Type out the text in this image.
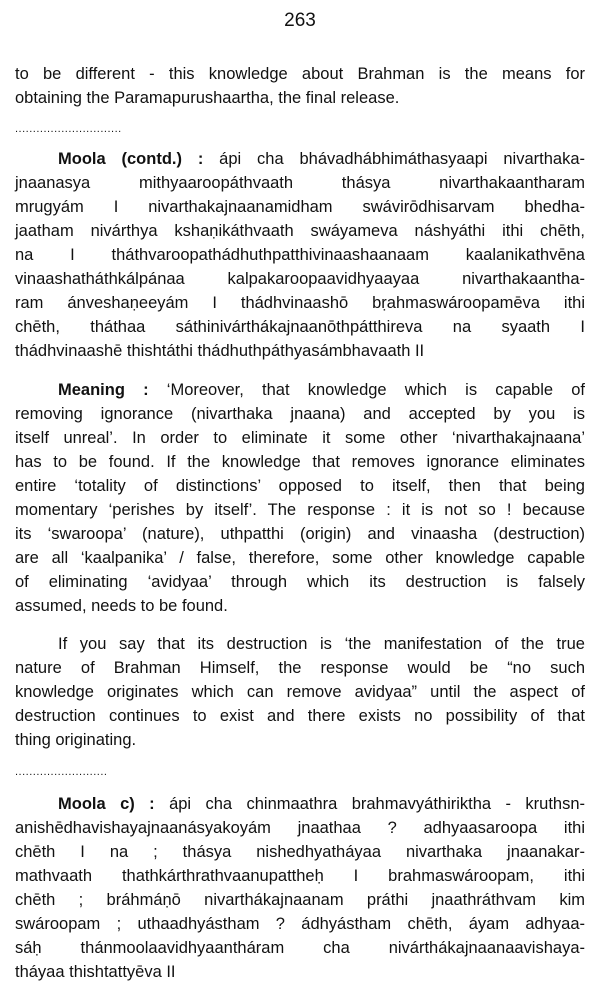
263
to be different - this knowledge about Brahman is the means for
obtaining the Paramapurushaartha, the final release.
..............................
Moola (contd.) : ápi cha bhávadhábhimáthasyaapi nivarthaka-
jnaanasya mithyaaroopáthvaath thásya nivarthakaantharam
mrugyám I nivarthakajnaanamidham swávirōdhisarvam bhedha-
jaatham nivárthya kshaṇikáthvaath swáyameva náshyáthi ithi chēth,
na I tháthvaroopathádhuthpatthivinaashaanaam kaalanikathvēna
vinaashatháthkálpánaa kalpakaroopaavidhyaayaa nivarthakaantha-
ram ánveshaṇeeyám I thádhvinaashō bṛahmaswároopamēva ithi
chēth, tháthaa sáthinivárthákajnaanōthpátthireva na syaath I
thádhvinaashē thishtáthi thádhuthpáthyasámbhavaath II
Meaning : ‘Moreover, that knowledge which is capable of
removing ignorance (nivarthaka jnaana) and accepted by you is
itself unreal’. In order to eliminate it some other ‘nivarthakajnaana’
has to be found. If the knowledge that removes ignorance eliminates
entire ‘totality of distinctions’ opposed to itself, then that being
momentary ‘perishes by itself’. The response : it is not so ! because
its ‘swaroopa’ (nature), uthpatthi (origin) and vinaasha (destruction)
are all ‘kaalpanika’ / false, therefore, some other knowledge capable
of eliminating ‘avidyaa’ through which its destruction is falsely
assumed, needs to be found.
If you say that its destruction is ‘the manifestation of the true
nature of Brahman Himself, the response would be “no such
knowledge originates which can remove avidyaa” until the aspect of
destruction continues to exist and there exists no possibility of that
thing originating.
..........................
Moola c) : ápi cha chinmaathra brahmavyáthiriktha - kruthsn-
anishēdhavishayajnaanásyakoyám jnaathaa ? adhyaasaroopa ithi
chēth I na ; thásya nishedhyatháyaa nivarthaka jnaanakar-
mathvaath thathkárthrathvaanupattheḥ I brahmaswároopam, ithi
chēth ; bráhmáṇō nivarthákajnaanam práthi jnaathráthvam kim
swároopam ; uthaadhyástham ? ádhyástham chēth, áyam adhyaa-
sáḥ thánmoolaavidhyaantháram cha nivárthákajnaanaavishaya-
tháyaa thishtattyēva II
